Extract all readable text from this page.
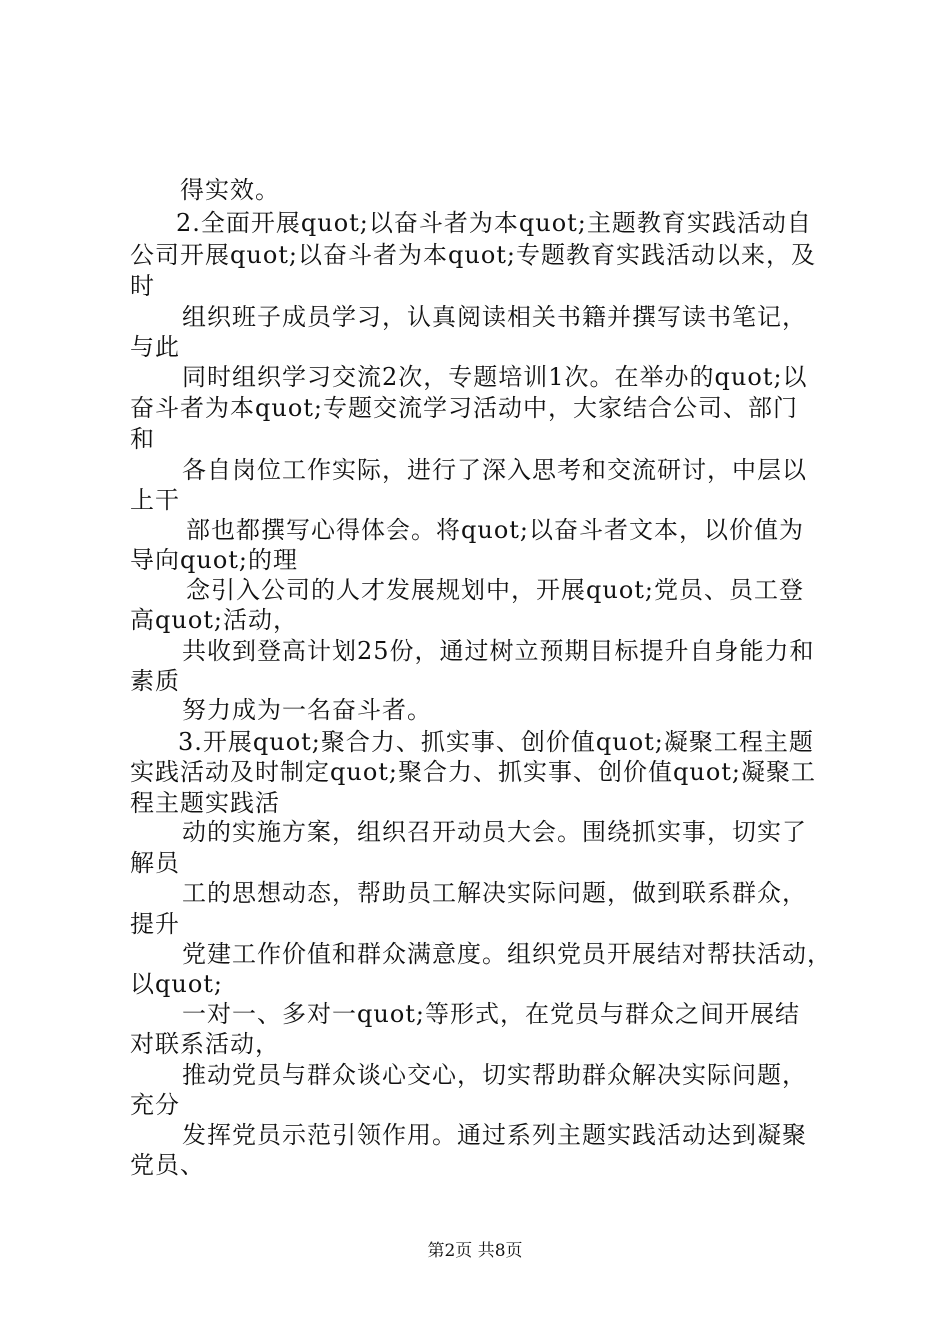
得实效。
2.全面开展quot;以奋斗者为本quot;主题教育实践活动自
公司开展quot;以奋斗者为本quot;专题教育实践活动以来，及
时
组织班子成员学习，认真阅读相关书籍并撰写读书笔记，
与此
同时组织学习交流2次，专题培训1次。在举办的quot;以
奋斗者为本quot;专题交流学习活动中，大家结合公司、部门
和
各自岗位工作实际，进行了深入思考和交流研讨，中层以
上干
部也都撰写心得体会。将quot;以奋斗者文本，以价值为
导向quot;的理
念引入公司的人才发展规划中，开展quot;党员、员工登
高quot;活动，
共收到登高计划25份，通过树立预期目标提升自身能力和
素质
努力成为一名奋斗者。
3.开展quot;聚合力、抓实事、创价值quot;凝聚工程主题
实践活动及时制定quot;聚合力、抓实事、创价值quot;凝聚工
程主题实践活
动的实施方案，组织召开动员大会。围绕抓实事，切实了
解员
工的思想动态，帮助员工解决实际问题，做到联系群众，
提升
党建工作价值和群众满意度。组织党员开展结对帮扶活动，
以quot;
一对一、多对一quot;等形式，在党员与群众之间开展结
对联系活动，
推动党员与群众谈心交心，切实帮助群众解决实际问题，
充分
发挥党员示范引领作用。通过系列主题实践活动达到凝聚
党员、
第2页 共8页
